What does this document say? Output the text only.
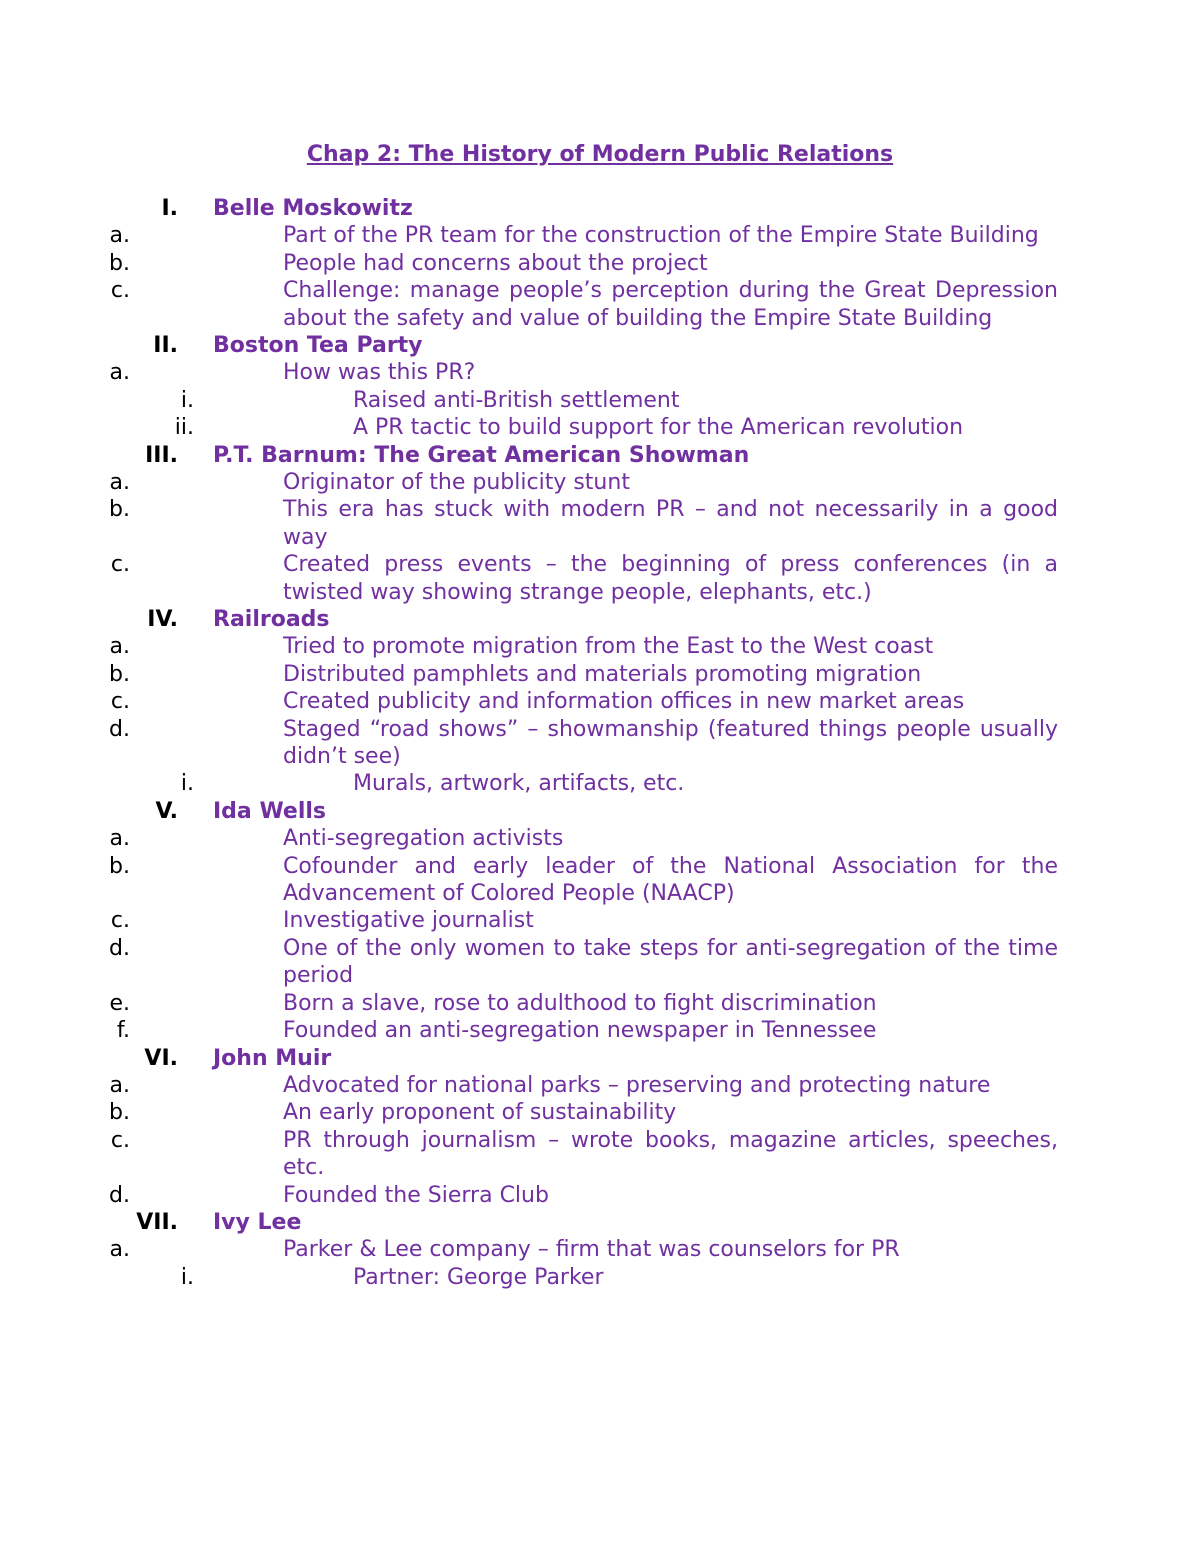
Chap 2: The History of Modern Public Relations
I. Belle Moskowitz
a.	Part of the PR team for the construction of the Empire State Building
b.	People had concerns about the project
c.	Challenge: manage people’s perception during the Great Depression about the safety and value of building the Empire State Building
II. Boston Tea Party
a.	How was this PR?
i.	Raised anti-British settlement
ii.	A PR tactic to build support for the American revolution
III. P.T. Barnum: The Great American Showman
a.	Originator of the publicity stunt
b.	This era has stuck with modern PR – and not necessarily in a good way
c.	Created press events – the beginning of press conferences (in a twisted way showing strange people, elephants, etc.)
IV. Railroads
a.	Tried to promote migration from the East to the West coast
b.	Distributed pamphlets and materials promoting migration
c.	Created publicity and information offices in new market areas
d.	Staged “road shows” – showmanship (featured things people usually didn’t see)
i.	Murals, artwork, artifacts, etc.
V. Ida Wells
a.	Anti-segregation activists
b.	Cofounder and early leader of the National Association for the Advancement of Colored People (NAACP)
c.	Investigative journalist
d.	One of the only women to take steps for anti-segregation of the time period
e.	Born a slave, rose to adulthood to fight discrimination
f.	Founded an anti-segregation newspaper in Tennessee
VI. John Muir
a.	Advocated for national parks – preserving and protecting nature
b.	An early proponent of sustainability
c.	PR through journalism – wrote books, magazine articles, speeches, etc.
d.	Founded the Sierra Club
VII. Ivy Lee
a.	Parker & Lee company – firm that was counselors for PR
i.	Partner: George Parker
